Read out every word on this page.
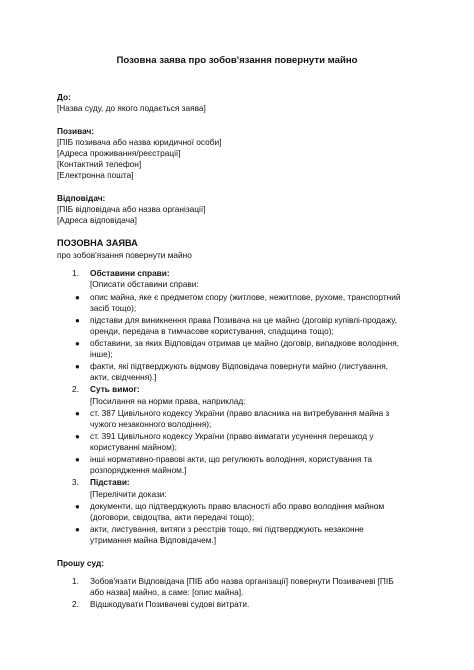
Позовна заява про зобов'язання повернути майно
До:
[Назва суду, до якого подається заява]
Позивач:
[ПІБ позивача або назва юридичної особи]
[Адреса проживання/реєстрації]
[Контактний телефон]
[Електронна пошта]
Відповідач:
[ПІБ відповідача або назва організації]
[Адреса відповідача]
ПОЗОВНА ЗАЯВА
про зобов'язання повернути майно
1. Обставини справи:
[Описати обставини справи:
● опис майна, яке є предметом спору (житлове, нежитлове, рухоме, транспортний
засіб тощо);
● підстави для виникнення права Позивача на це майно (договір купівлі-продажу,
оренди, передача в тимчасове користування, спадщина тощо);
● обставини, за яких Відповідач отримав це майно (договір, випадкове володіння,
інше);
● факти, які підтверджують відмову Відповідача повернути майно (листування,
акти, свідчення).]
2. Суть вимог:
[Посилання на норми права, наприклад:
● ст. 387 Цивільного кодексу України (право власника на витребування майна з
чужого незаконного володіння);
● ст. 391 Цивільного кодексу України (право вимагати усунення перешкод у
користуванні майном);
● інші нормативно-правові акти, що регулюють володіння, користування та
розпорядження майном.]
3. Підстави:
[Перелічити докази:
● документи, що підтверджують право власності або право володіння майном
(договори, свідоцтва, акти передачі тощо);
● акти, листування, витяги з реєстрів тощо, які підтверджують незаконне
утримання майна Відповідачем.]
Прошу суд:
1. Зобов'язати Відповідача [ПІБ або назва організації] повернути Позивачеві [ПІБ
або назва] майно, а саме: [опис майна].
2. Відшкодувати Позивачеві судові витрати.
